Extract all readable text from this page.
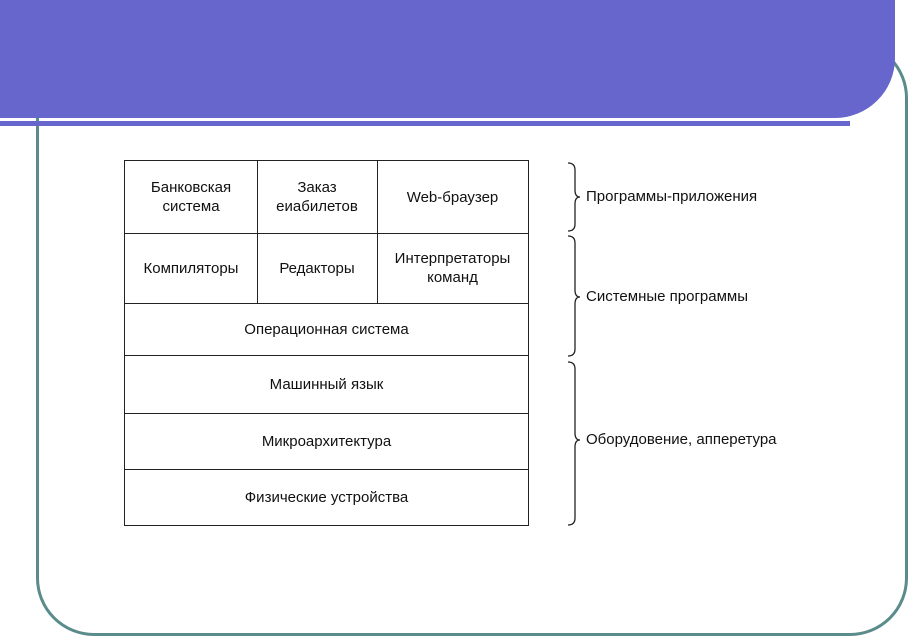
Банковская
система
Заказ
еиабилетов
Web-браузер
Компиляторы	Редакторы
Интерпретаторы
команд
Операционная система
Машинный язык
Микроархитектура
Физические устройства
Программы-приложения
Системные программы
Оборудовение, апперетура
